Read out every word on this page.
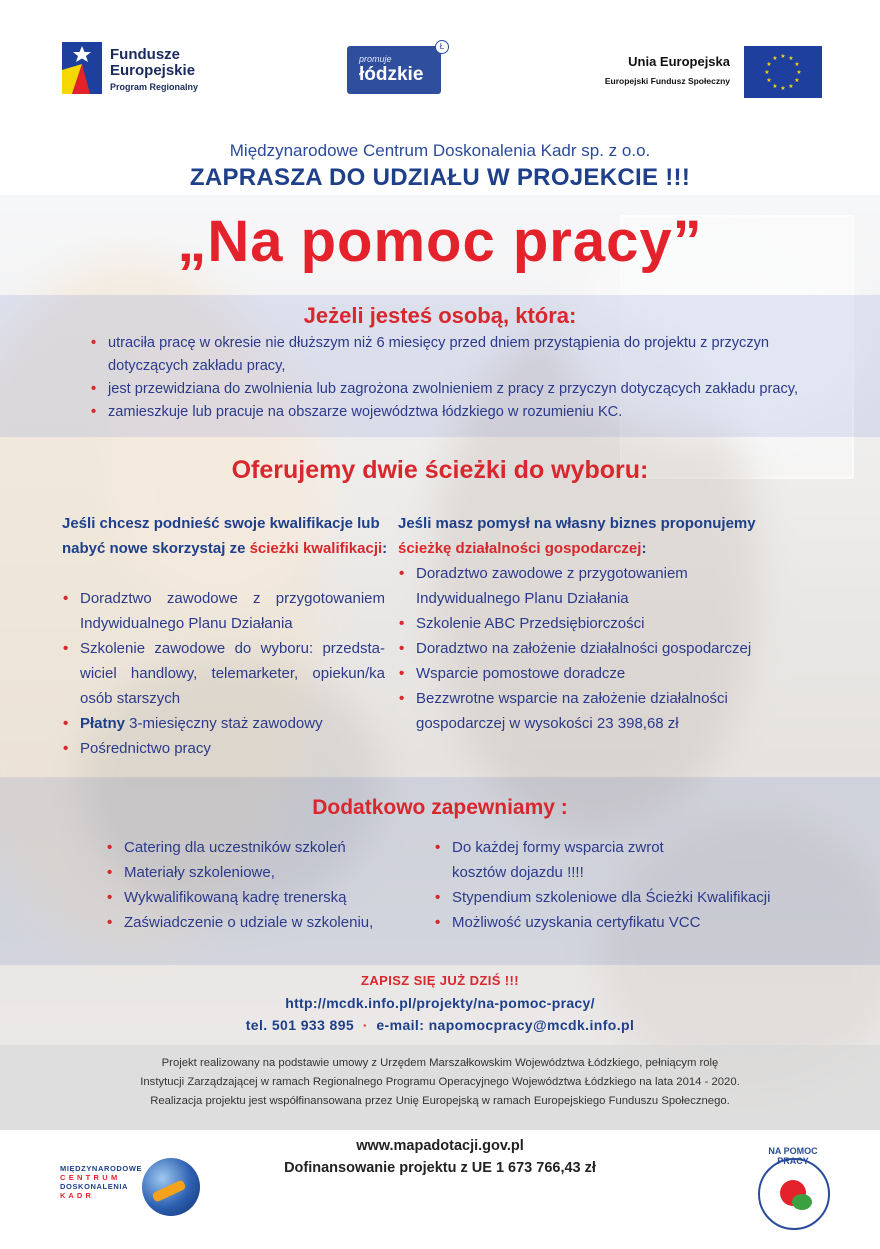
Fundusze
Europejskie
Program Regionalny
promuje
łódzkie
Ł
Unia Europejska
Europejski Fundusz Społeczny
★ ★
★
★
★
★
★
★
★
★
★
★
Międzynarodowe Centrum Doskonalenia Kadr sp. z o.o.
ZAPRASZA DO UDZIAŁU W PROJEKCIE !!!
„Na pomoc pracy”
Jeżeli jesteś osobą, która:
• utraciła pracę w okresie nie dłuższym niż 6 miesięcy przed dniem przystąpienia do projektu z przyczyn dotyczących zakładu pracy,
• jest przewidziana do zwolnienia lub zagrożona zwolnieniem z pracy z przyczyn dotyczących zakładu pracy,
• zamieszkuje lub pracuje na obszarze województwa łódzkiego w rozumieniu KC.
Oferujemy dwie ścieżki do wyboru:
Jeśli chcesz podnieść swoje kwalifikacje lub nabyć nowe skorzystaj ze ścieżki kwalifikacji:
• Doradztwo zawodowe z przygotowaniem Indywidualnego Planu Działania
• Szkolenie zawodowe do wyboru: przedsta-wiciel handlowy, telemarketer, opiekun/ka osób starszych
• Płatny 3-miesięczny staż zawodowy
• Pośrednictwo pracy
Jeśli masz pomysł na własny biznes proponujemy ścieżkę działalności gospodarczej:
• Doradztwo zawodowe z przygotowaniem Indywidualnego Planu Działania
• Szkolenie ABC Przedsiębiorczości
• Doradztwo na założenie działalności gospodarczej
• Wsparcie pomostowe doradcze
• Bezzwrotne wsparcie na założenie działalności gospodarczej w wysokości 23 398,68 zł
Dodatkowo zapewniamy :
• Catering dla uczestników szkoleń
• Materiały szkoleniowe,
• Wykwalifikowaną kadrę trenerską
• Zaświadczenie o udziale w szkoleniu,
• Do każdej formy wsparcia zwrot kosztów dojazdu !!!!
• Stypendium szkoleniowe dla Ścieżki Kwalifikacji
• Możliwość uzyskania certyfikatu VCC
ZAPISZ SIĘ JUŻ DZIŚ !!!
http://mcdk.info.pl/projekty/na-pomoc-pracy/
tel. 501 933 895 · e-mail: napomocpracy@mcdk.info.pl
Projekt realizowany na podstawie umowy z Urzędem Marszałkowskim Województwa Łódzkiego, pełniącym rolę
Instytucji Zarządzającej w ramach Regionalnego Programu Operacyjnego Województwa Łódzkiego na lata 2014 - 2020.
Realizacja projektu jest współfinansowana przez Unię Europejską w ramach Europejskiego Funduszu Społecznego.
www.mapadotacji.gov.pl
Dofinansowanie projektu z UE 1 673 766,43 zł
MIĘDZYNARODOWE
C E N T R U M
DOSKONALENIA
K A D R
NA POMOC PRACY
